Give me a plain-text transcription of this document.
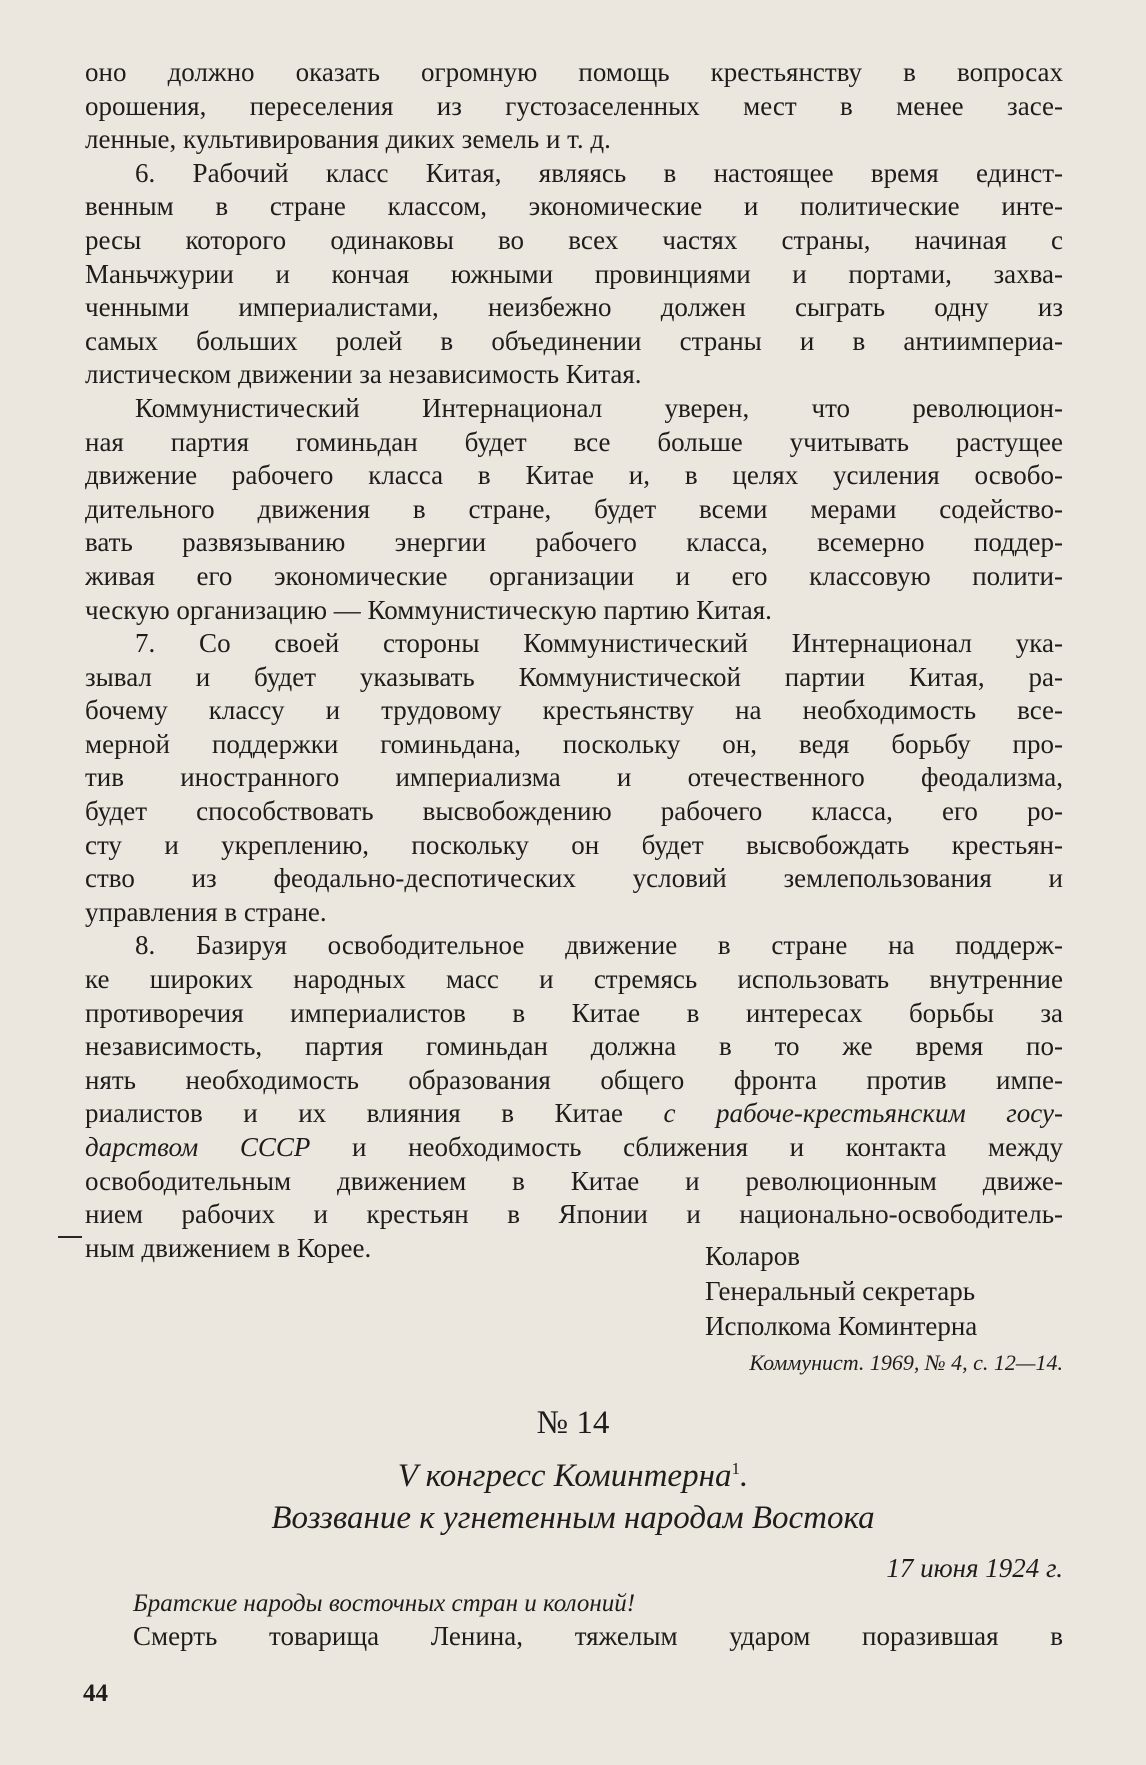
оно должно оказать огромную помощь крестьянству в вопросах
орошения, переселения из густозаселенных мест в менее засе-
ленные, культивирования диких земель и т. д.
6. Рабочий класс Китая, являясь в настоящее время единст-
венным в стране классом, экономические и политические инте-
ресы которого одинаковы во всех частях страны, начиная с
Маньчжурии и кончая южными провинциями и портами, захва-
ченными империалистами, неизбежно должен сыграть одну из
самых больших ролей в объединении страны и в антиимпериа-
листическом движении за независимость Китая.
Коммунистический Интернационал уверен, что революцион-
ная партия гоминьдан будет все больше учитывать растущее
движение рабочего класса в Китае и, в целях усиления освобо-
дительного движения в стране, будет всеми мерами содейство-
вать развязыванию энергии рабочего класса, всемерно поддер-
живая его экономические организации и его классовую полити-
ческую организацию — Коммунистическую партию Китая.
7. Со своей стороны Коммунистический Интернационал ука-
зывал и будет указывать Коммунистической партии Китая, ра-
бочему классу и трудовому крестьянству на необходимость все-
мерной поддержки гоминьдана, поскольку он, ведя борьбу про-
тив иностранного империализма и отечественного феодализма,
будет способствовать высвобождению рабочего класса, его ро-
сту и укреплению, поскольку он будет высвобождать крестьян-
ство из феодально-деспотических условий землепользования и
управления в стране.
8. Базируя освободительное движение в стране на поддерж-
ке широких народных масс и стремясь использовать внутренние
противоречия империалистов в Китае в интересах борьбы за
независимость, партия гоминьдан должна в то же время по-
нять необходимость образования общего фронта против импе-
риалистов и их влияния в Китае с рабоче-крестьянским госу-
дарством СССР и необходимость сближения и контакта между
освободительным движением в Китае и революционным движе-
нием рабочих и крестьян в Японии и национально-освободитель-
ным движением в Корее.	Коларов
Генеральный секретарь
Исполкома Коминтерна
Коммунист. 1969, № 4, с. 12—14.
№ 14
V конгресс Коминтерна$^1$.
Воззвание к угнетенным народам Востока
17 июня 1924 г.
Братские народы восточных стран и колоний!
Смерть товарища Ленина, тяжелым ударом поразившая в
44
